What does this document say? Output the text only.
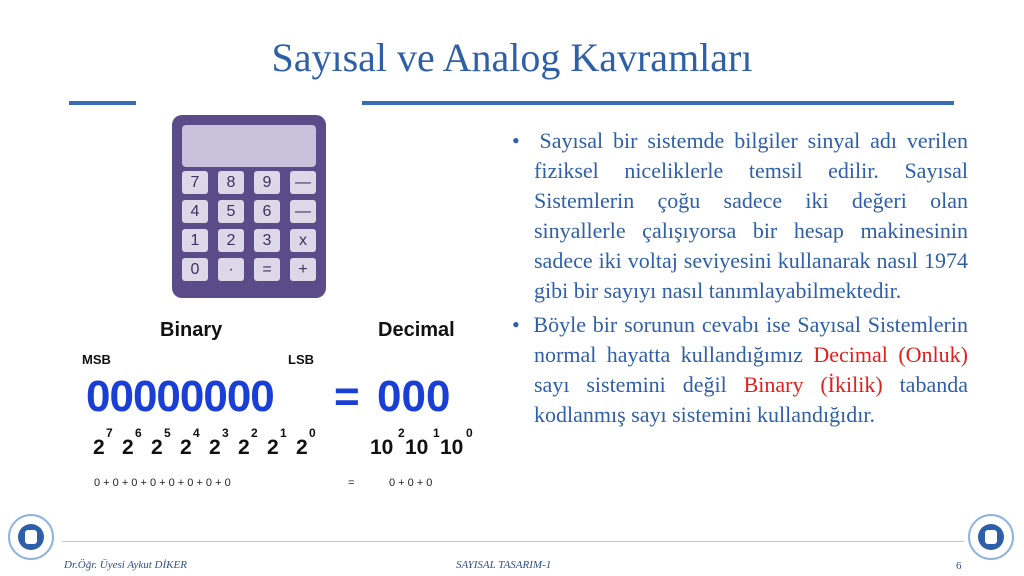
Sayısal ve Analog Kavramları
7	8	9	—
4	5	6	—
1	2	3	x
0	·	=	+
Binary	Decimal
MSB	LSB
00000000 = 000
2
7
2
6
2
5
2
4
2
3
2
2
2
1
2
0
10
2
10
1
10
0
0 + 0 + 0 + 0 + 0 + 0 + 0 + 0	=	0 + 0 + 0

•  Sayısal bir sistemde bilgiler sinyal adı verilen fiziksel niceliklerle temsil edilir. Sayısal Sistemlerin çoğu sadece iki değeri olan sinyallerle çalışıyorsa bir hesap makinesinin sadece iki voltaj seviyesini kullanarak nasıl 1974 gibi bir sayıyı nasıl tanımlayabilmektedir.

•  Böyle bir sorunun cevabı ise Sayısal Sistemlerin normal hayatta kullandığımız Decimal (Onluk) sayı sistemini değil Binary (İkilik) tabanda kodlanmış sayı sistemini kullandığıdır.

Dr.Öğr. Üyesi Aykut DİKER	SAYISAL TASARIM-1	6
